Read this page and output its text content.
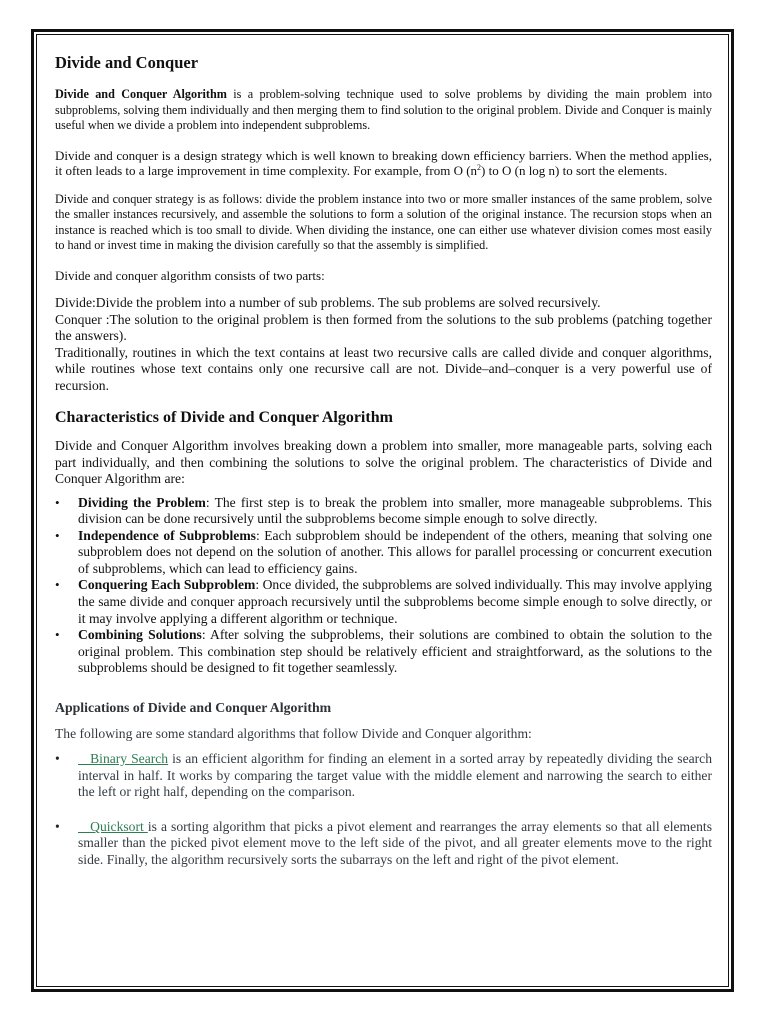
Divide and Conquer

Divide and Conquer Algorithm is a problem-solving technique used to solve problems by dividing the main problem into subproblems, solving them individually and then merging them to find solution to the original problem. Divide and Conquer is mainly useful when we divide a problem into independent subproblems.

Divide and conquer is a design strategy which is well known to breaking down efficiency barriers. When the method applies, it often leads to a large improvement in time complexity. For example, from O $(n^2)$ to O (n log n) to sort the elements.

Divide and conquer strategy is as follows: divide the problem instance into two or more smaller instances of the same problem, solve the smaller instances recursively, and assemble the solutions to form a solution of the original instance. The recursion stops when an instance is reached which is too small to divide. When dividing the instance, one can either use whatever division comes most easily to hand or invest time in making the division carefully so that the assembly is simplified.

Divide and conquer algorithm consists of two parts:

Divide:Divide the problem into a number of sub problems. The sub problems are solved recursively.

Conquer :The solution to the original problem is then formed from the solutions to the sub problems (patching together the answers).

Traditionally, routines in which the text contains at least two recursive calls are called divide and conquer algorithms, while routines whose text contains only one recursive call are not. Divide–and–conquer is a very powerful use of recursion.

Characteristics of Divide and Conquer Algorithm

Divide and Conquer Algorithm involves breaking down a problem into smaller, more manageable parts, solving each part individually, and then combining the solutions to solve the original problem. The characteristics of Divide and Conquer Algorithm are:

• Dividing the Problem: The first step is to break the problem into smaller, more manageable subproblems. This division can be done recursively until the subproblems become simple enough to solve directly.
• Independence of Subproblems: Each subproblem should be independent of the others, meaning that solving one subproblem does not depend on the solution of another. This allows for parallel processing or concurrent execution of subproblems, which can lead to efficiency gains.
• Conquering Each Subproblem: Once divided, the subproblems are solved individually. This may involve applying the same divide and conquer approach recursively until the subproblems become simple enough to solve directly, or it may involve applying a different algorithm or technique.
• Combining Solutions: After solving the subproblems, their solutions are combined to obtain the solution to the original problem. This combination step should be relatively efficient and straightforward, as the solutions to the subproblems should be designed to fit together seamlessly.
Applications of Divide and Conquer Algorithm

The following are some standard algorithms that follow Divide and Conquer algorithm:

•    Binary Search is an efficient algorithm for finding an element in a sorted array by repeatedly dividing the search interval in half. It works by comparing the target value with the middle element and narrowing the search to either the left or right half, depending on the comparison.
•    Quicksort is a sorting algorithm that picks a pivot element and rearranges the array elements so that all elements smaller than the picked pivot element move to the left side of the pivot, and all greater elements move to the right side. Finally, the algorithm recursively sorts the subarrays on the left and right of the pivot element.
